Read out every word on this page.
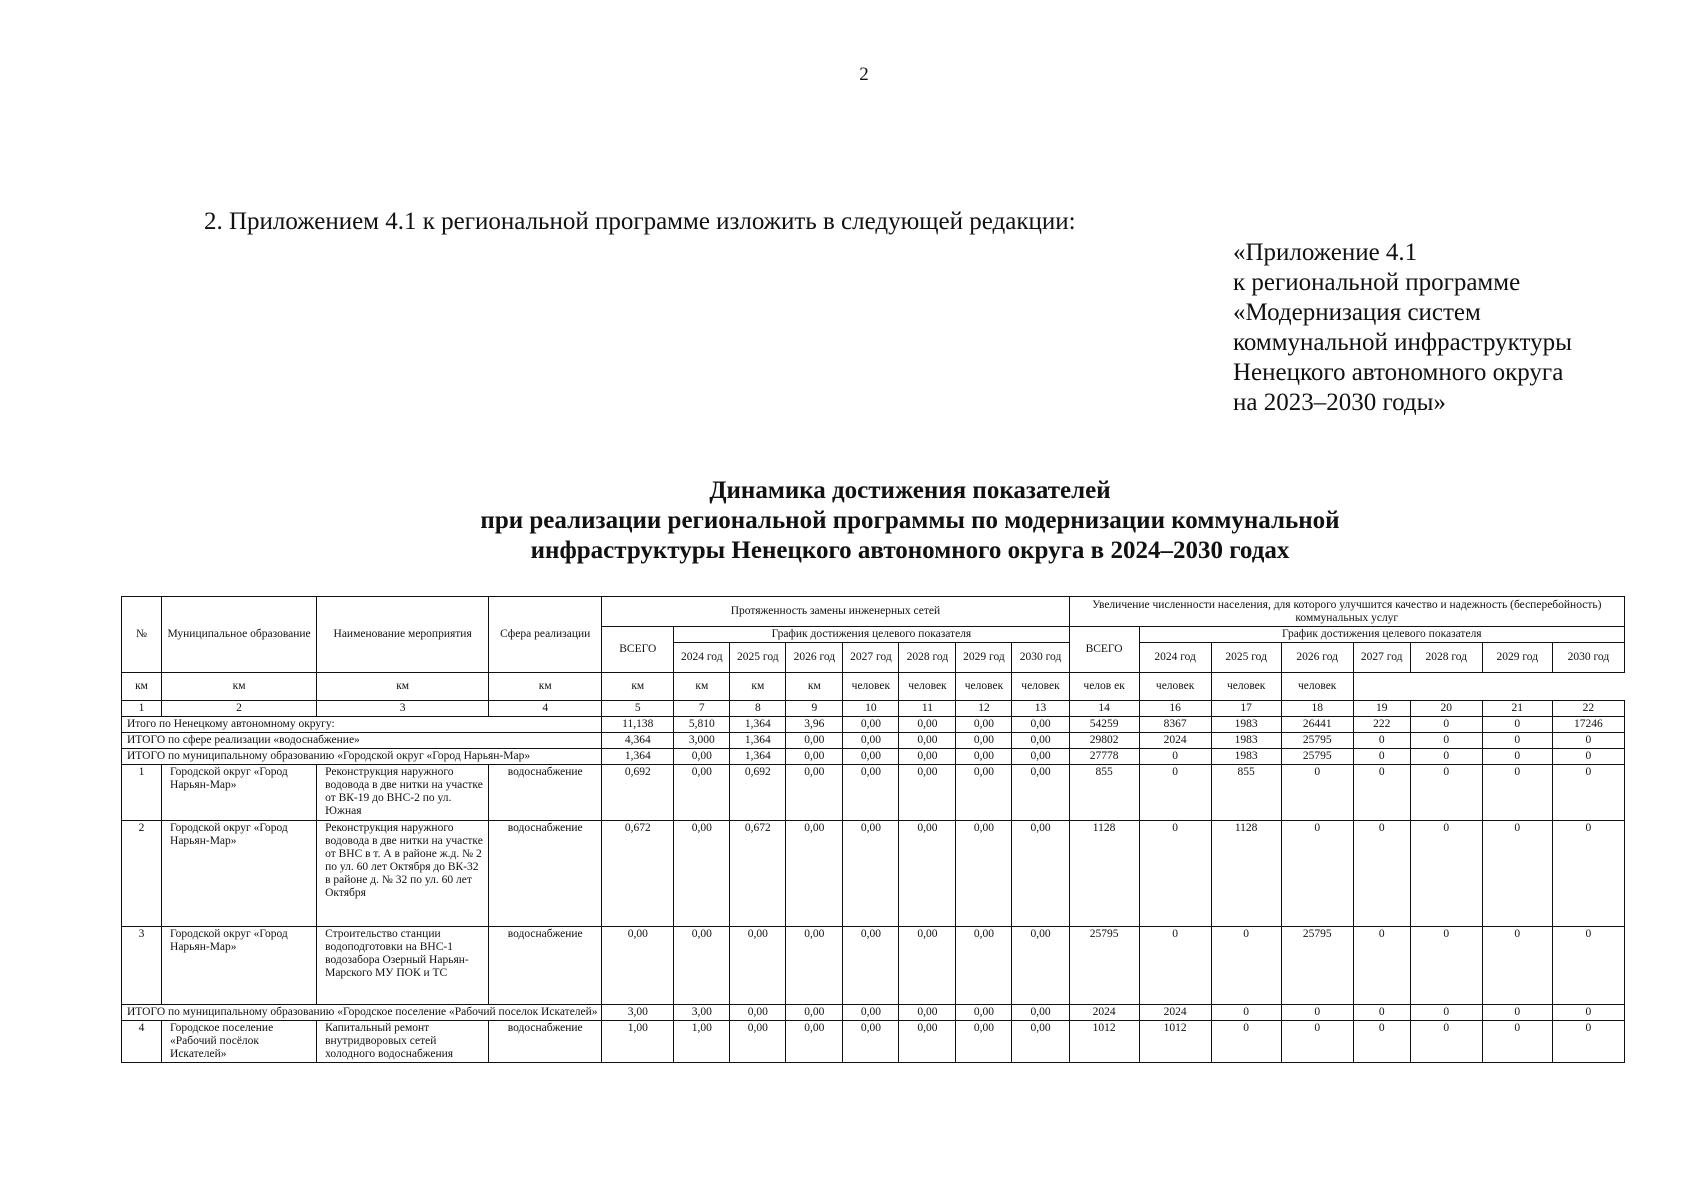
2
2. Приложением 4.1 к региональной программе изложить в следующей редакции:
«Приложение 4.1
к региональной программе
«Модернизация систем
коммунальной инфраструктуры
Ненецкого автономного округа
на 2023–2030 годы»
Динамика достижения показателей
при реализации региональной программы по модернизации коммунальной
инфраструктуры Ненецкого автономного округа в 2024–2030 годах
№	Муниципальное образование	Наименование мероприятия	Сфера реализации	Протяженность замены инженерных сетей								Увеличение численности населения, для которого улучшится качество и надежность (бесперебойность) коммунальных услуг							
				ВСЕГО	График достижения целевого показателя							ВСЕГО	График достижения целевого показателя						
					2024 год	2025 год	2026 год	2027 год	2028 год	2029 год	2030 год		2024 год	2025 год	2026 год	2027 год	2028 год	2029 год	2030 год
км	км	км	км	км	км	км	км	человек	человек	человек	человек	челов ек	человек	человек	человек				
1	2	3	4	5	7	8	9	10	11	12	13	14	16	17	18	19	20	21	22
Итого по Ненецкому автономному округу:				11,138	5,810	1,364	3,96	0,00	0,00	0,00	0,00	54259	8367	1983	26441	222	0	0	17246
ИТОГО по сфере реализации «водоснабжение»				4,364	3,000	1,364	0,00	0,00	0,00	0,00	0,00	29802	2024	1983	25795	0	0	0	0
ИТОГО по муниципальному образованию «Городской округ «Город Нарьян-Мар»				1,364	0,00	1,364	0,00	0,00	0,00	0,00	0,00	27778	0	1983	25795	0	0	0	0
1	Городской округ «Город Нарьян-Мар»	Реконструкция наружного водовода в две нитки на участке от ВК-19 до ВНС-2 по ул. Южная	водоснабжение	0,692	0,00	0,692	0,00	0,00	0,00	0,00	0,00	855	0	855	0	0	0	0	0
2	Городской округ «Город Нарьян-Мар»	Реконструкция наружного водовода в две нитки на участке от ВНС в т. А в районе ж.д. № 2 по ул. 60 лет Октября до ВК-32 в районе д. № 32 по ул. 60 лет Октября	водоснабжение	0,672	0,00	0,672	0,00	0,00	0,00	0,00	0,00	1128	0	1128	0	0	0	0	0
3	Городской округ «Город Нарьян-Мар»	Строительство станции водоподготовки на ВНС-1 водозабора Озерный Нарьян-Марского МУ ПОК и ТС	водоснабжение	0,00	0,00	0,00	0,00	0,00	0,00	0,00	0,00	25795	0	0	25795	0	0	0	0
ИТОГО по муниципальному образованию «Городское поселение «Рабочий поселок Искателей»				3,00	3,00	0,00	0,00	0,00	0,00	0,00	0,00	2024	2024	0	0	0	0	0	0
4	Городское поселение «Рабочий посёлок Искателей»	Капитальный ремонт внутридворовых сетей холодного водоснабжения	водоснабжение	1,00	1,00	0,00	0,00	0,00	0,00	0,00	0,00	1012	1012	0	0	0	0	0	0
